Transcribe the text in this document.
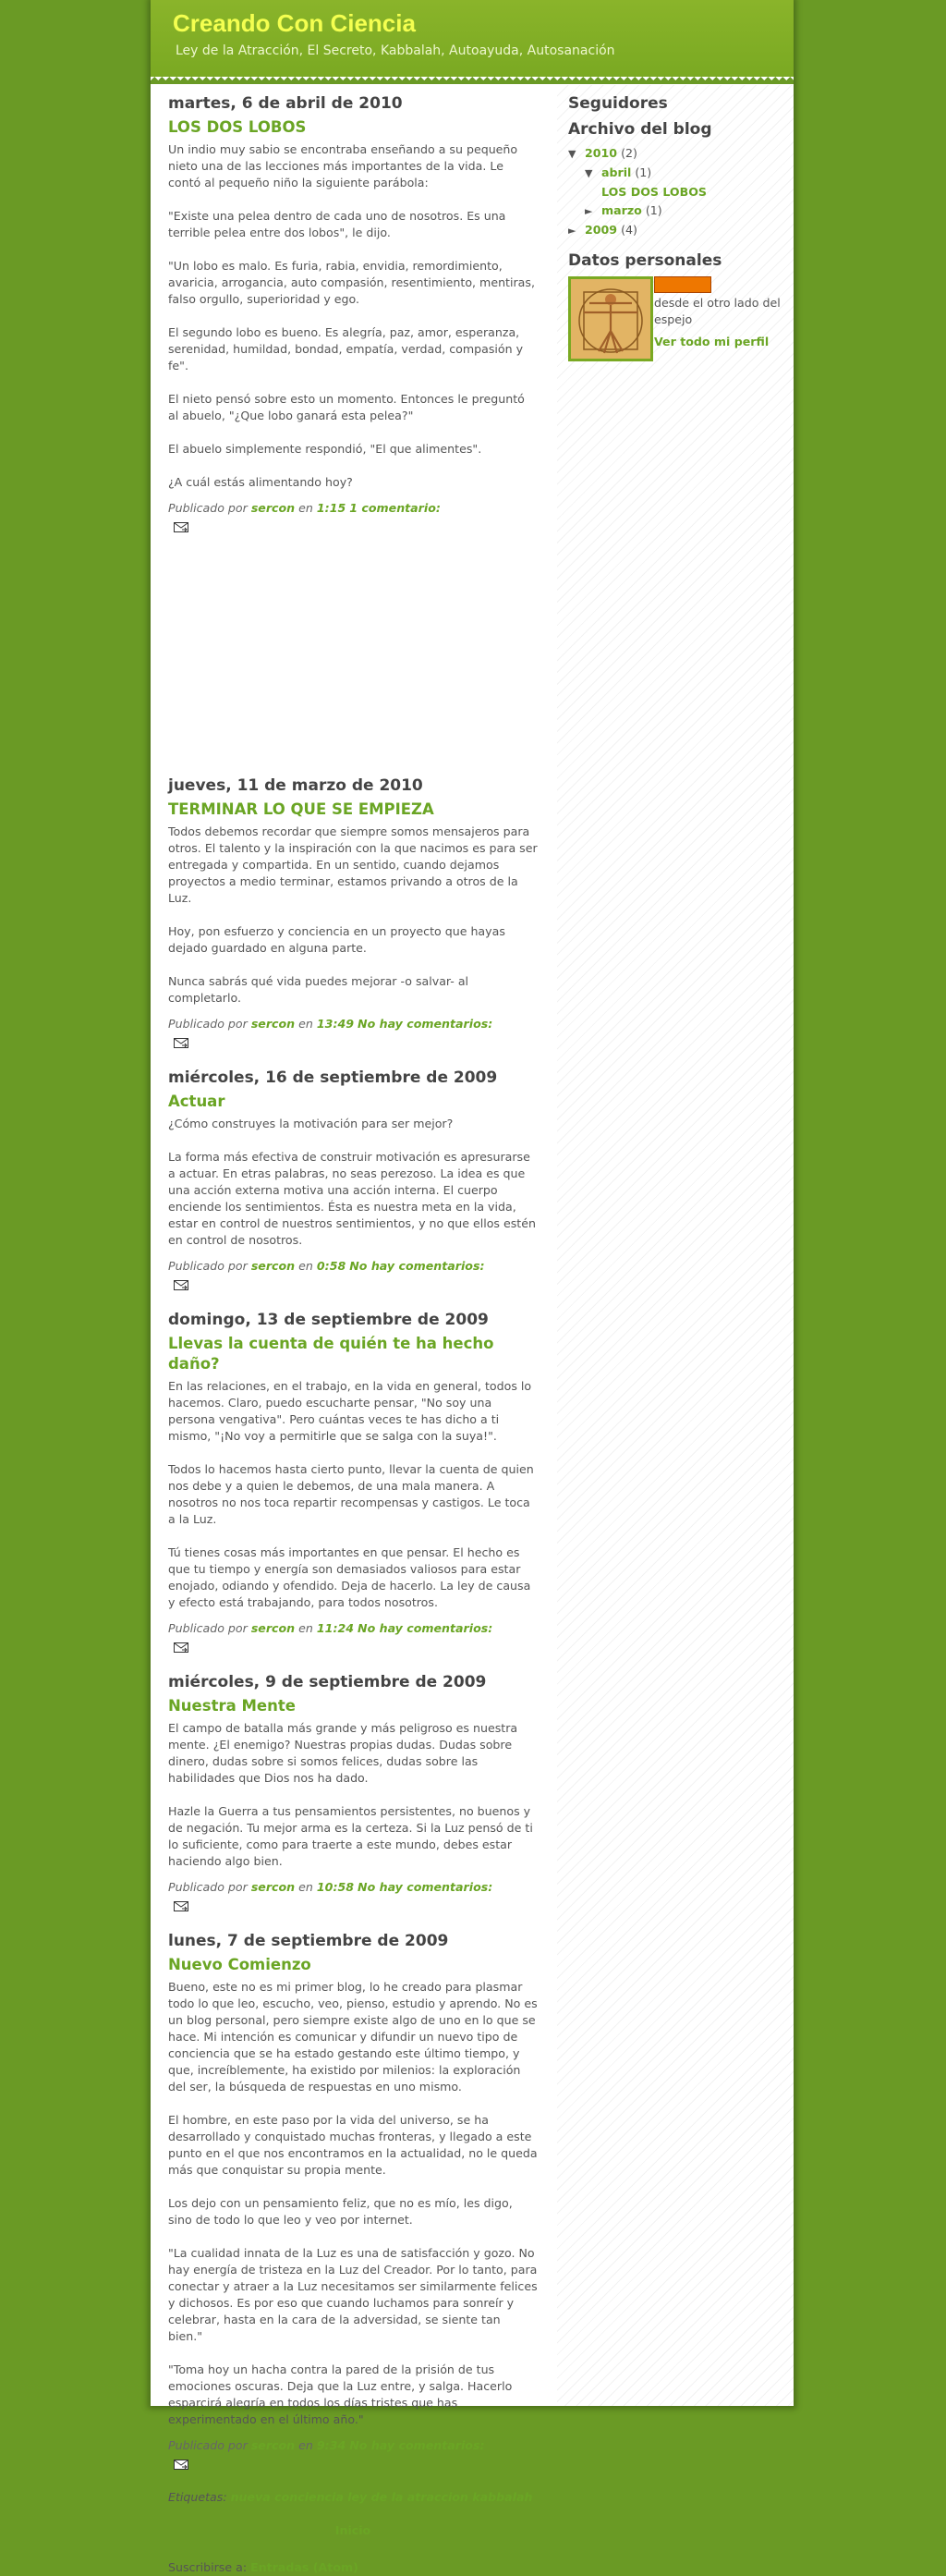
Creando Con Ciencia
Ley de la Atracción, El Secreto, Kabbalah, Autoayuda, Autosanación
martes, 6 de abril de 2010
LOS DOS LOBOS

Un indio muy sabio se encontraba enseñando a su pequeño nieto una de las lecciones más importantes de la vida. Le contó al pequeño niño la siguiente parábola:

"Existe una pelea dentro de cada uno de nosotros. Es una terrible pelea entre dos lobos", le dijo.

"Un lobo es malo. Es furia, rabia, envidia, remordimiento, avaricia, arrogancia, auto compasión, resentimiento, mentiras, falso orgullo, superioridad y ego.

El segundo lobo es bueno. Es alegría, paz, amor, esperanza, serenidad, humildad, bondad, empatía, verdad, compasión y fe".

El nieto pensó sobre esto un momento. Entonces le preguntó al abuelo, "¿Que lobo ganará esta pelea?"

El abuelo simplemente respondió, "El que alimentes".

¿A cuál estás alimentando hoy?

Publicado por sercon en 1:15 1 comentario:
jueves, 11 de marzo de 2010
TERMINAR LO QUE SE EMPIEZA

Todos debemos recordar que siempre somos mensajeros para otros. El talento y la inspiración con la que nacimos es para ser entregada y compartida. En un sentido, cuando dejamos proyectos a medio terminar, estamos privando a otros de la Luz.

Hoy, pon esfuerzo y conciencia en un proyecto que hayas dejado guardado en alguna parte.

Nunca sabrás qué vida puedes mejorar -o salvar- al completarlo.

Publicado por sercon en 13:49 No hay comentarios:
miércoles, 16 de septiembre de 2009
Actuar

¿Cómo construyes la motivación para ser mejor?

La forma más efectiva de construir motivación es apresurarse a actuar. En etras palabras, no seas perezoso. La idea es que una acción externa motiva una acción interna. El cuerpo enciende los sentimientos. Ésta es nuestra meta en la vida, estar en control de nuestros sentimientos, y no que ellos estén en control de nosotros.

Publicado por sercon en 0:58 No hay comentarios:
domingo, 13 de septiembre de 2009
Llevas la cuenta de quién te ha hecho daño?

En las relaciones, en el trabajo, en la vida en general, todos lo hacemos. Claro, puedo escucharte pensar, "No soy una persona vengativa". Pero cuántas veces te has dicho a ti mismo, "¡No voy a permitirle que se salga con la suya!".

Todos lo hacemos hasta cierto punto, llevar la cuenta de quien nos debe y a quien le debemos, de una mala manera. A nosotros no nos toca repartir recompensas y castigos. Le toca a la Luz.

Tú tienes cosas más importantes en que pensar. El hecho es que tu tiempo y energía son demasiados valiosos para estar enojado, odiando y ofendido. Deja de hacerlo. La ley de causa y efecto está trabajando, para todos nosotros.

Publicado por sercon en 11:24 No hay comentarios:
miércoles, 9 de septiembre de 2009
Nuestra Mente

El campo de batalla más grande y más peligroso es nuestra mente. ¿El enemigo? Nuestras propias dudas. Dudas sobre dinero, dudas sobre si somos felices, dudas sobre las habilidades que Dios nos ha dado.

Hazle la Guerra a tus pensamientos persistentes, no buenos y de negación. Tu mejor arma es la certeza. Si la Luz pensó de ti lo suficiente, como para traerte a este mundo, debes estar haciendo algo bien.

Publicado por sercon en 10:58 No hay comentarios:
lunes, 7 de septiembre de 2009
Nuevo Comienzo

Bueno, este no es mi primer blog, lo he creado para plasmar todo lo que leo, escucho, veo, pienso, estudio y aprendo. No es un blog personal, pero siempre existe algo de uno en lo que se hace. Mi intención es comunicar y difundir un nuevo tipo de conciencia que se ha estado gestando este último tiempo, y que, increíblemente, ha existido por milenios: la exploración del ser, la búsqueda de respuestas en uno mismo.

El hombre, en este paso por la vida del universo, se ha desarrollado y conquistado muchas fronteras, y llegado a este punto en el que nos encontramos en la actualidad, no le queda más que conquistar su propia mente.

Los dejo con un pensamiento feliz, que no es mío, les digo, sino de todo lo que leo y veo por internet.

"La cualidad innata de la Luz es una de satisfacción y gozo. No hay energía de tristeza en la Luz del Creador. Por lo tanto, para conectar y atraer a la Luz necesitamos ser similarmente felices y dichosos. Es por eso que cuando luchamos para sonreír y celebrar, hasta en la cara de la adversidad, se siente tan bien."

"Toma hoy un hacha contra la pared de la prisión de tus emociones oscuras. Deja que la Luz entre, y salga. Hacerlo esparcirá alegría en todos los días tristes que has experimentado en el último año."

Publicado por sercon en 9:34 No hay comentarios:
Etiquetas: nueva conciencia ley de la atraccion kabbalah
Inicio
Suscribirse a: Entradas (Atom)
Seguidores
Archivo del blog
▼ 2010 (2)
▼ abril (1)
LOS DOS LOBOS
► marzo (1)
► 2009 (4)
Datos personales
desde el otro lado del espejo
Ver todo mi perfil
